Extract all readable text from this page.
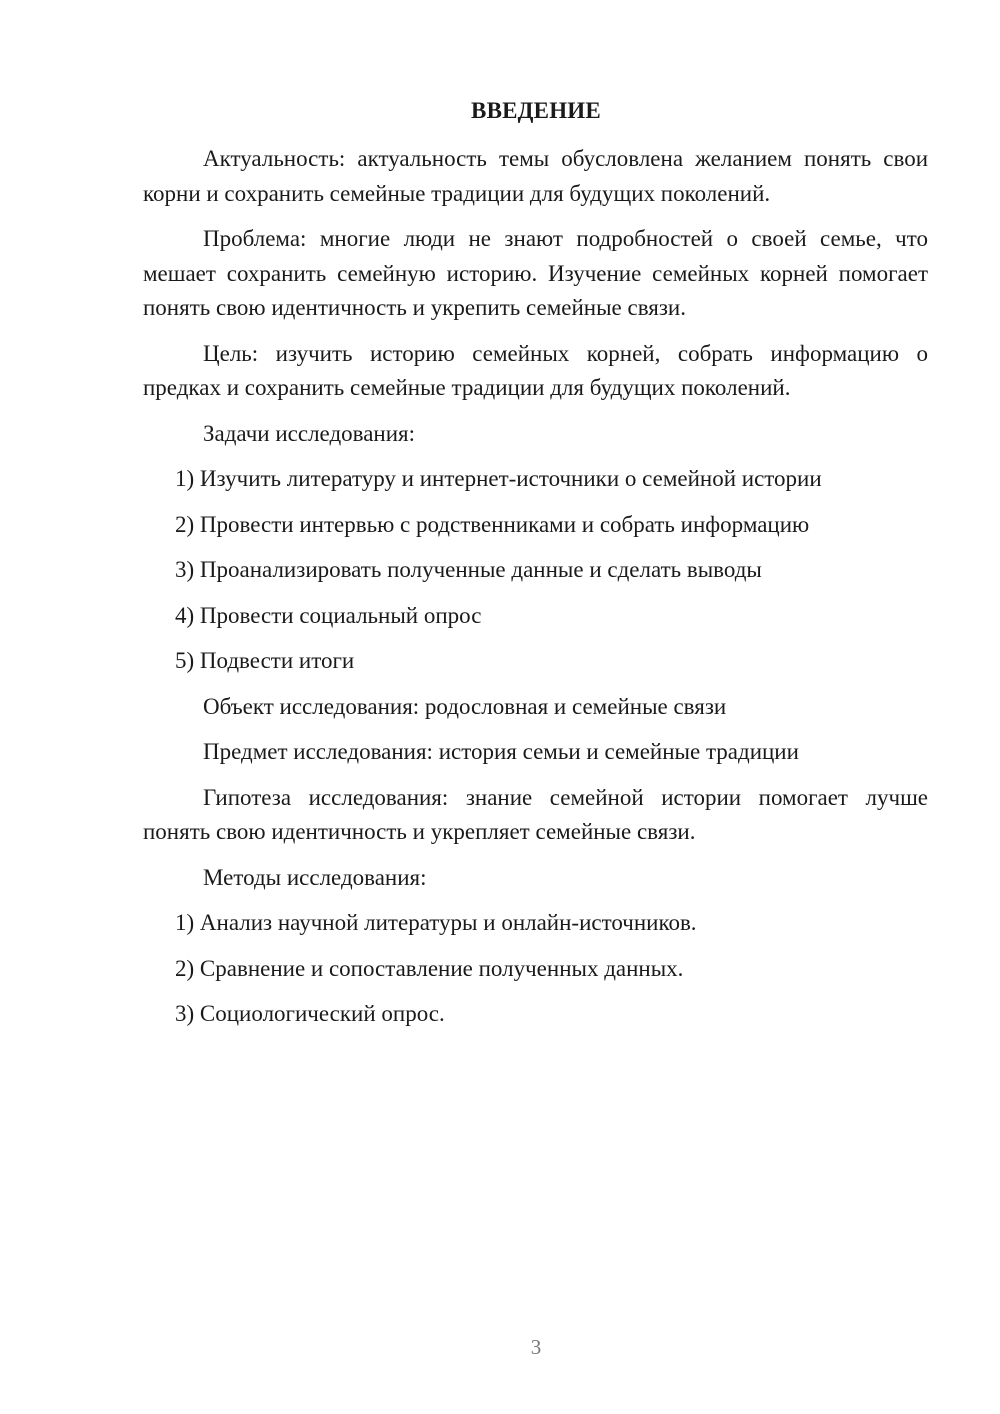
ВВЕДЕНИЕ

Актуальность: актуальность темы обусловлена желанием понять свои корни и сохранить семейные традиции для будущих поколений.

Проблема: многие люди не знают подробностей о своей семье, что мешает сохранить семейную историю. Изучение семейных корней помогает понять свою идентичность и укрепить семейные связи.

Цель: изучить историю семейных корней, собрать информацию о предках и сохранить семейные традиции для будущих поколений.

Задачи исследования:

1) Изучить литературу и интернет-источники о семейной истории
2) Провести интервью с родственниками и собрать информацию
3) Проанализировать полученные данные и сделать выводы
4) Провести социальный опрос
5) Подвести итоги

Объект исследования: родословная и семейные связи

Предмет исследования: история семьи и семейные традиции

Гипотеза исследования: знание семейной истории помогает лучше понять свою идентичность и укрепляет семейные связи.

Методы исследования:

1) Анализ научной литературы и онлайн-источников.
2) Сравнение и сопоставление полученных данных.
3) Социологический опрос.
3
